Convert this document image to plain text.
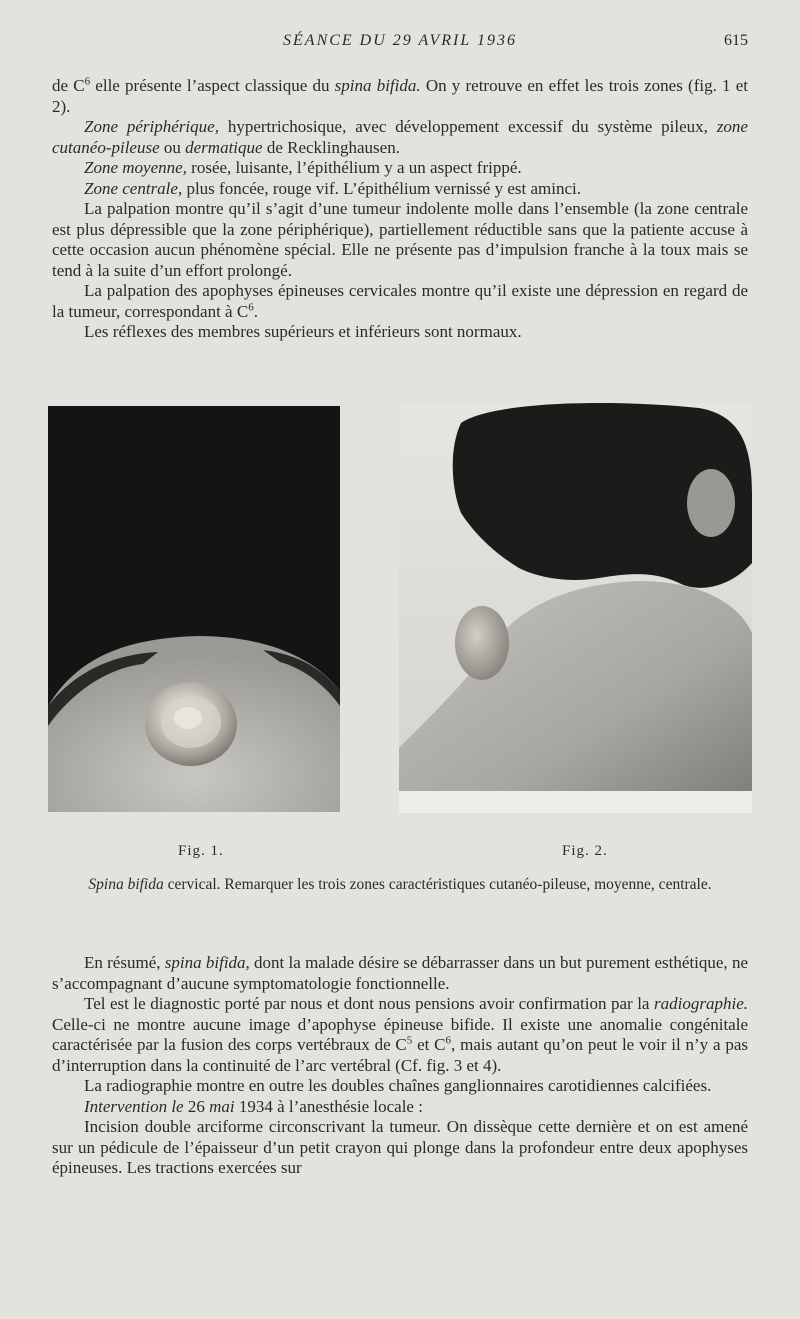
SÉANCE DU 29 AVRIL 1936	615

de $C^6$ elle présente l’aspect classique du spina bifida. On y retrouve en effet les trois zones (fig. 1 et 2).

Zone périphérique, hypertrichosique, avec développement excessif du système pileux, zone cutanéo-pileuse ou dermatique de Recklinghausen.

Zone moyenne, rosée, luisante, l’épithélium y a un aspect frippé.

Zone centrale, plus foncée, rouge vif. L’épithélium vernissé y est aminci.

La palpation montre qu’il s’agit d’une tumeur indolente molle dans l’ensemble (la zone centrale est plus dépressible que la zone périphérique), partiellement réductible sans que la patiente accuse à cette occasion aucun phénomène spécial. Elle ne présente pas d’impulsion franche à la toux mais se tend à la suite d’un effort prolongé.

La palpation des apophyses épineuses cervicales montre qu’il existe une dépression en regard de la tumeur, correspondant à $C^6$.

Les réflexes des membres supérieurs et inférieurs sont normaux.

Fig. 1.	Fig. 2.
Spina bifida cervical. Remarquer les trois zones caractéristiques cutanéo-pileuse, moyenne, centrale.

En résumé, spina bifida, dont la malade désire se débarrasser dans un but purement esthétique, ne s’accompagnant d’aucune symptomatologie fonctionnelle.

Tel est le diagnostic porté par nous et dont nous pensions avoir confirmation par la radiographie. Celle-ci ne montre aucune image d’apophyse épineuse bifide. Il existe une anomalie congénitale caractérisée par la fusion des corps vertébraux de $C^5$ et $C^6$, mais autant qu’on peut le voir il n’y a pas d’interruption dans la continuité de l’arc vertébral (Cf. fig. 3 et 4).

La radiographie montre en outre les doubles chaînes ganglionnaires carotidiennes calcifiées.

Intervention le 26 mai 1934 à l’anesthésie locale :

Incision double arciforme circonscrivant la tumeur. On dissèque cette dernière et on est amené sur un pédicule de l’épaisseur d’un petit crayon qui plonge dans la profondeur entre deux apophyses épineuses. Les tractions exercées sur
